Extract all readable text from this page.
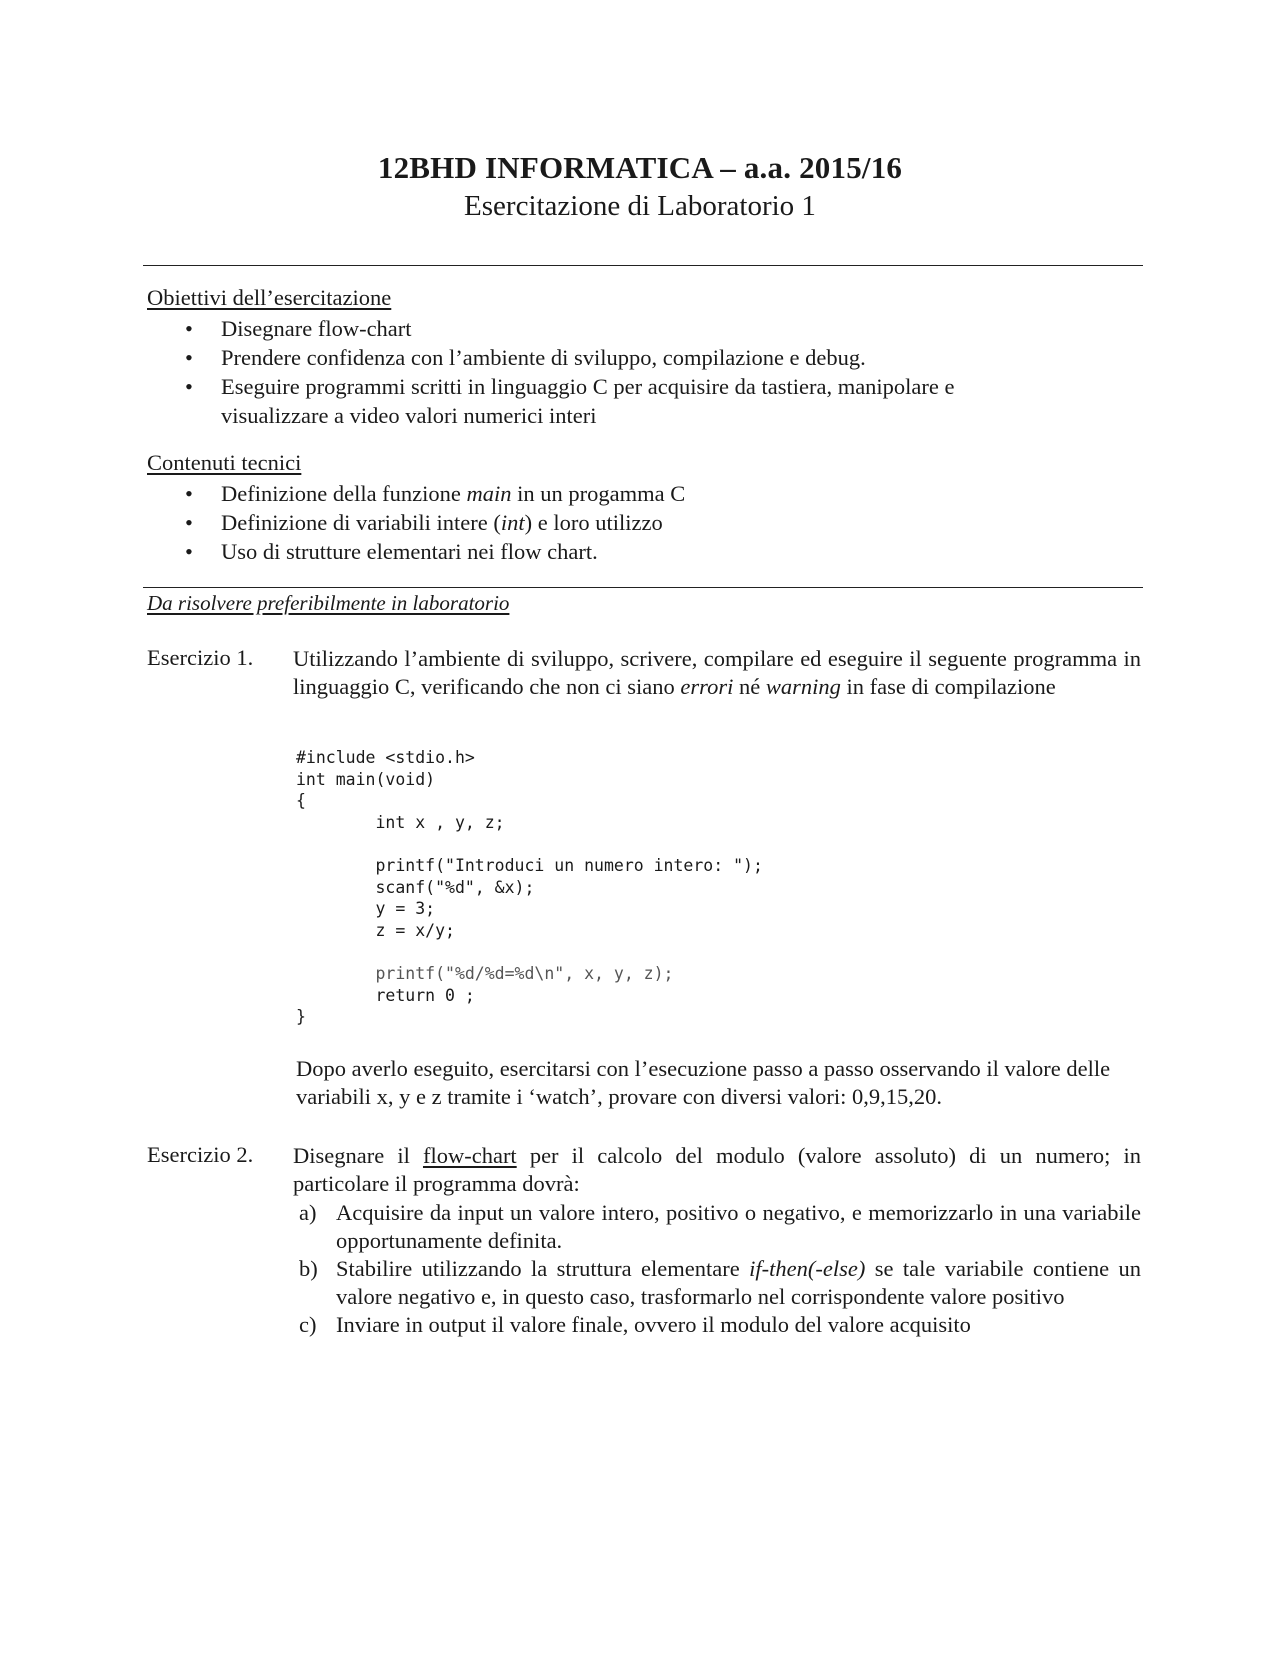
12BHD INFORMATICA – a.a. 2015/16
Esercitazione di Laboratorio 1
Obiettivi dell’esercitazione
• Disegnare flow-chart
• Prendere confidenza con l’ambiente di sviluppo, compilazione e debug.
• Eseguire programmi scritti in linguaggio C per acquisire da tastiera, manipolare e visualizzare a video valori numerici interi
Contenuti tecnici
• Definizione della funzione main in un progamma C
• Definizione di variabili intere (int) e loro utilizzo
• Uso di strutture elementari nei flow chart.
Da risolvere preferibilmente in laboratorio
Esercizio 1. Utilizzando l’ambiente di sviluppo, scrivere, compilare ed eseguire il seguente programma in linguaggio C, verificando che non ci siano errori né warning in fase di compilazione
#include <stdio.h>
int main(void)
{
int x , y, z;

printf("Introduci un numero intero: ");
scanf("%d", &x);
y = 3;
z = x/y;

printf("%d/%d=%d\n", x, y, z);
return 0 ;
}
Dopo averlo eseguito, esercitarsi con l’esecuzione passo a passo osservando il valore delle variabili x, y e z tramite i ‘watch’, provare con diversi valori: 0,9,15,20.
Esercizio 2. Disegnare il flow-chart per il calcolo del modulo (valore assoluto) di un numero; in particolare il programma dovrà:
a) Acquisire da input un valore intero, positivo o negativo, e memorizzarlo in una variabile opportunamente definita.
b) Stabilire utilizzando la struttura elementare if-then(-else) se tale variabile contiene un valore negativo e, in questo caso, trasformarlo nel corrispondente valore positivo
c) Inviare in output il valore finale, ovvero il modulo del valore acquisito
